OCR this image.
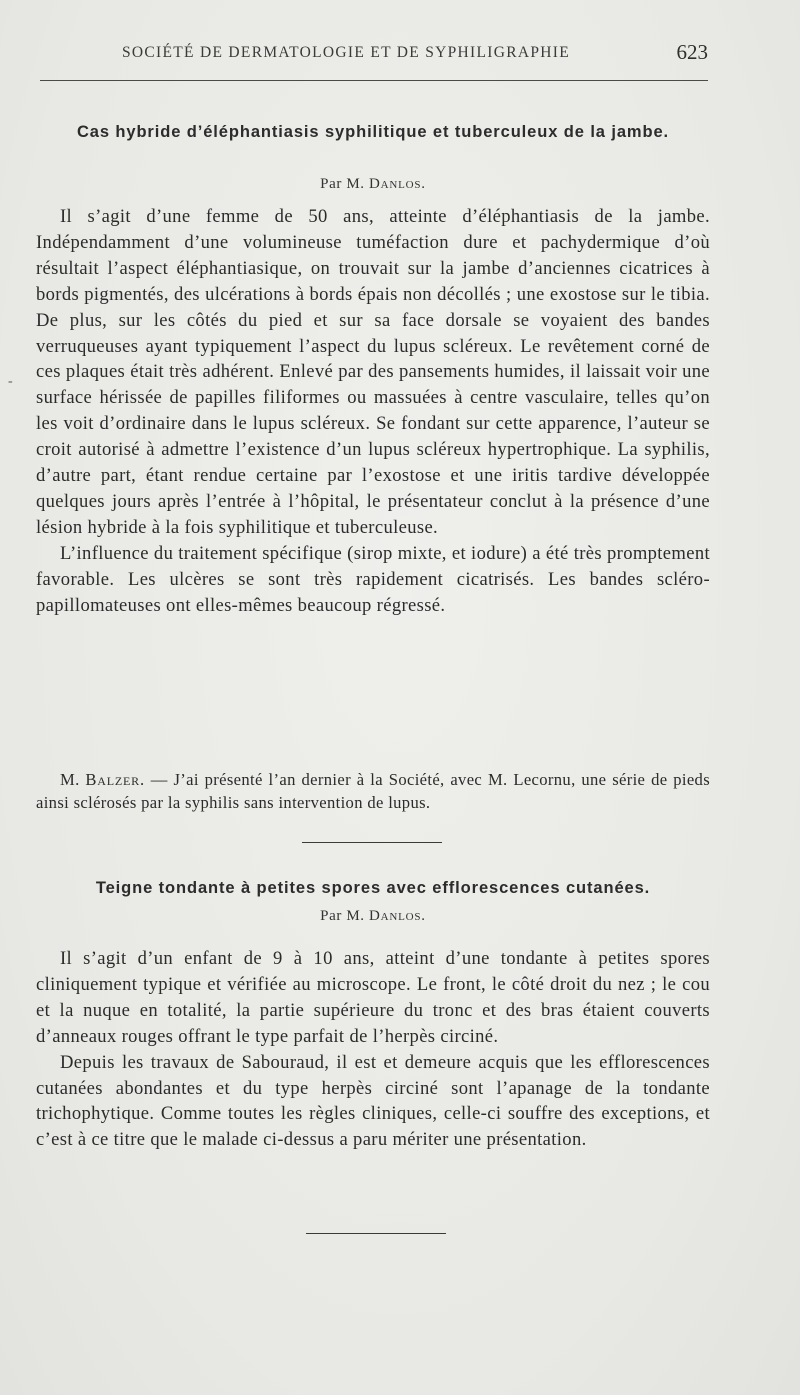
SOCIÉTÉ DE DERMATOLOGIE ET DE SYPHILIGRAPHIE	623
Cas hybride d’éléphantiasis syphilitique et tuberculeux de la jambe.
Par M. Danlos.

Il s’agit d’une femme de 50 ans, atteinte d’éléphantiasis de la jambe. Indépendamment d’une volumineuse tuméfaction dure et pachydermique d’où résultait l’aspect éléphantiasique, on trouvait sur la jambe d’anciennes cicatrices à bords pigmentés, des ulcérations à bords épais non décollés ; une exostose sur le tibia. De plus, sur les côtés du pied et sur sa face dorsale se voyaient des bandes verruqueuses ayant typiquement l’aspect du lupus scléreux. Le revêtement corné de ces plaques était très adhérent. Enlevé par des pansements humides, il laissait voir une surface hérissée de papilles filiformes ou massuées à centre vasculaire, telles qu’on les voit d’ordinaire dans le lupus scléreux. Se fondant sur cette apparence, l’auteur se croit autorisé à admettre l’existence d’un lupus scléreux hypertrophique. La syphilis, d’autre part, étant rendue certaine par l’exostose et une iritis tardive développée quelques jours après l’entrée à l’hôpital, le présentateur conclut à la présence d’une lésion hybride à la fois syphilitique et tuberculeuse.

L’influence du traitement spécifique (sirop mixte, et iodure) a été très promptement favorable. Les ulcères se sont très rapidement cicatrisés. Les bandes scléro-papillomateuses ont elles-mêmes beaucoup régressé.

M. Balzer. — J’ai présenté l’an dernier à la Société, avec M. Lecornu, une série de pieds ainsi sclérosés par la syphilis sans intervention de lupus.

Teigne tondante à petites spores avec efflorescences cutanées.
Par M. Danlos.

Il s’agit d’un enfant de 9 à 10 ans, atteint d’une tondante à petites spores cliniquement typique et vérifiée au microscope. Le front, le côté droit du nez ; le cou et la nuque en totalité, la partie supérieure du tronc et des bras étaient couverts d’anneaux rouges offrant le type parfait de l’herpès circiné.

Depuis les travaux de Sabouraud, il est et demeure acquis que les efflorescences cutanées abondantes et du type herpès circiné sont l’apanage de la tondante trichophytique. Comme toutes les règles cliniques, celle-ci souffre des exceptions, et c’est à ce titre que le malade ci-dessus a paru mériter une présentation.

-
